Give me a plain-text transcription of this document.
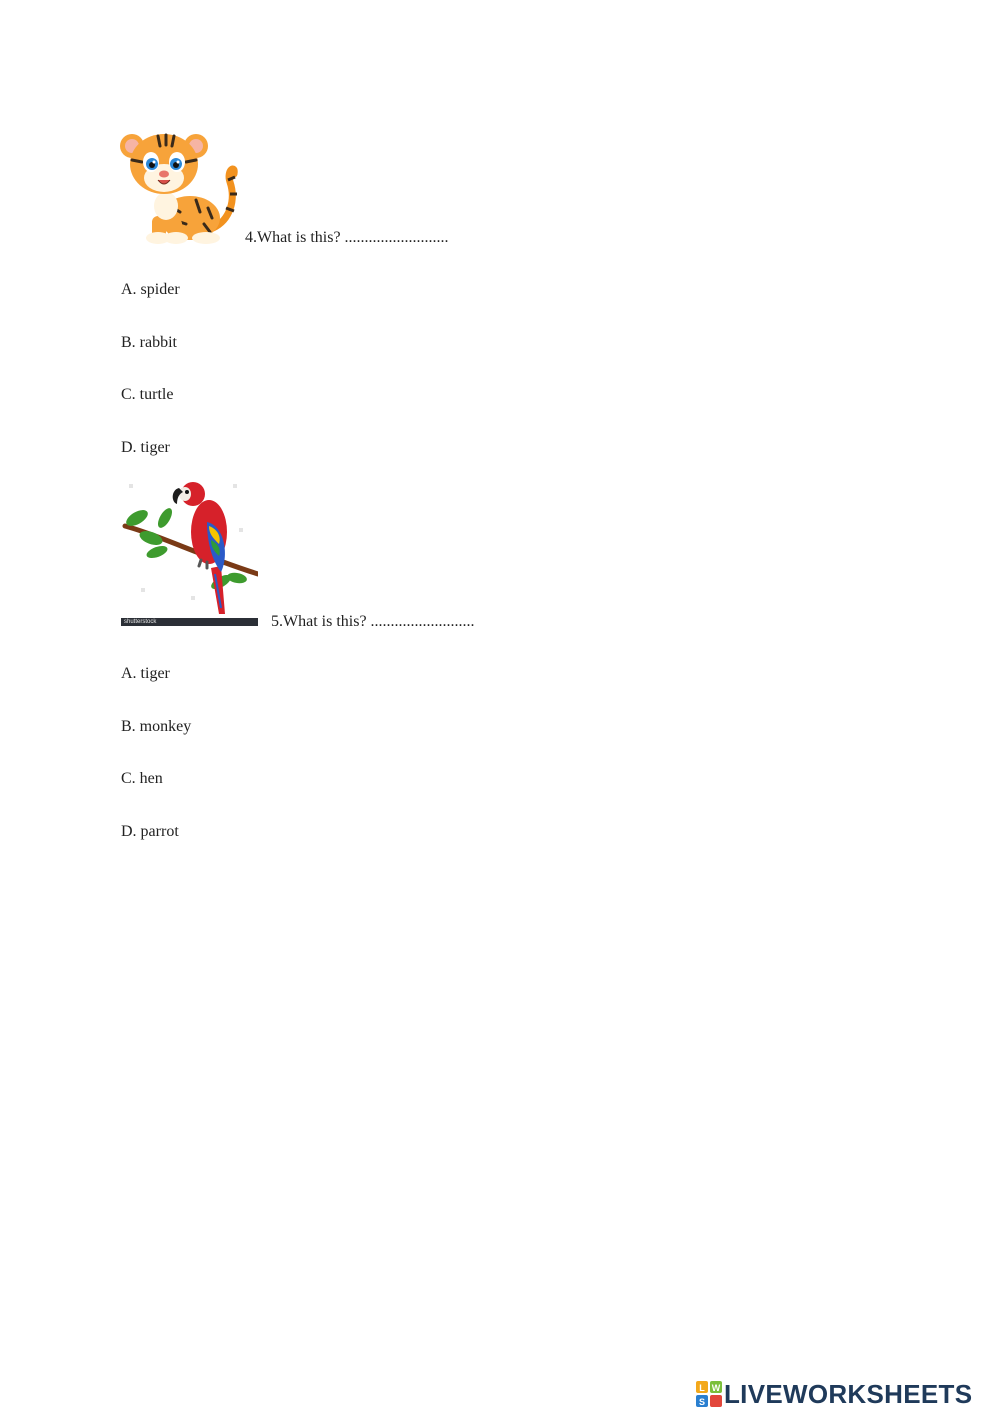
4.What is this? ..........................
A. spider
B. rabbit
C. turtle
D. tiger
shutterstock	5.What is this? ..........................
A. tiger
B. monkey
C. hen
D. parrot
L W
S LIVEWORKSHEETS
